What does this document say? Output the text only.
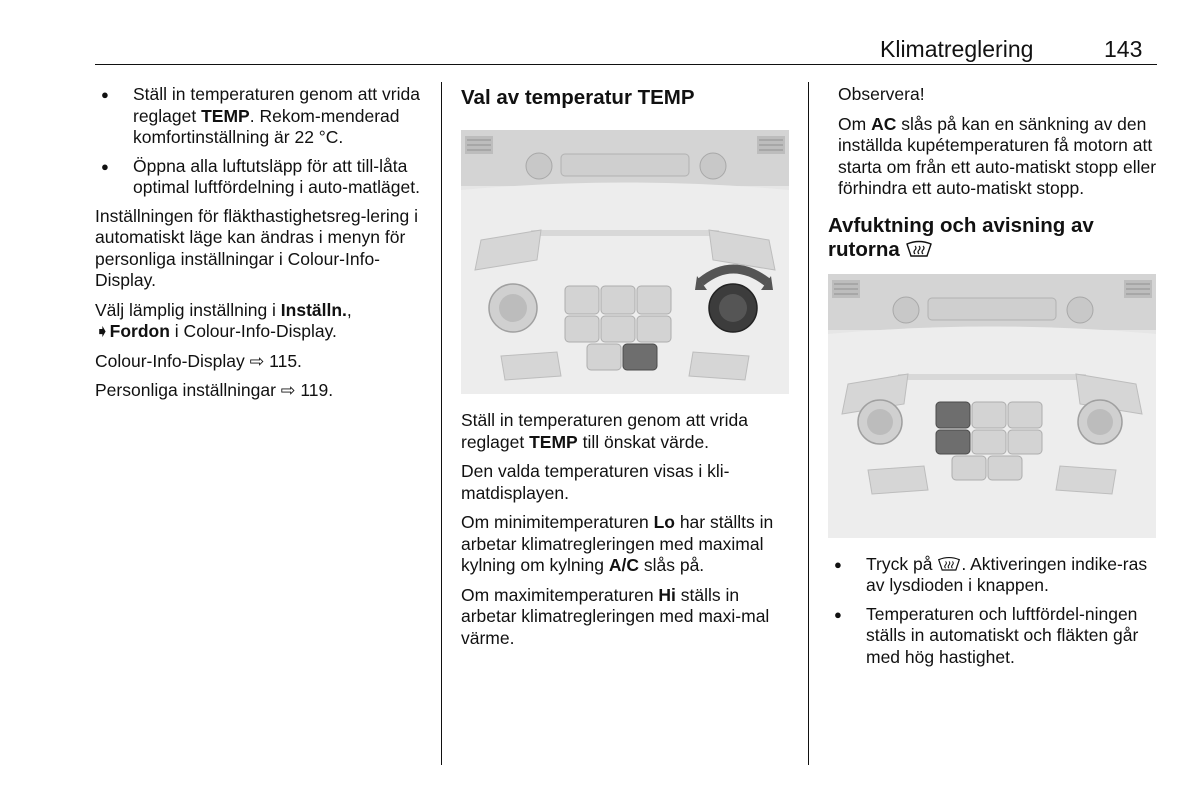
Klimatreglering	143
● Ställ in temperaturen genom att vrida reglaget TEMP. Rekom-menderad komfortinställning är 22 °C.
● Öppna alla luftutsläpp för att till-låta optimal luftfördelning i auto-matläget.

Inställningen för fläkthastighetsreg-lering i automatiskt läge kan ändras i menyn för personliga inställningar i Colour-Info-Display.

Välj lämplig inställning i Inställn., ➧Fordon i Colour-Info-Display.

Colour-Info-Display ⇨ 115.

Personliga inställningar ⇨ 119.

Val av temperatur TEMP

Ställ in temperaturen genom att vrida reglaget TEMP till önskat värde.

Den valda temperaturen visas i kli-matdisplayen.

Om minimitemperaturen Lo har ställts in arbetar klimatregleringen med maximal kylning om kylning A/C slås på.

Om maximitemperaturen Hi ställs in arbetar klimatregleringen med maxi-mal värme.

Observera!

Om AC slås på kan en sänkning av den inställda kupétemperaturen få motorn att starta om från ett auto-matiskt stopp eller förhindra ett auto-matiskt stopp.

Avfuktning och avisning av rutorna
● Tryck på . Aktiveringen indike-ras av lysdioden i knappen.
● Temperaturen och luftfördel-ningen ställs in automatiskt och fläkten går med hög hastighet.
